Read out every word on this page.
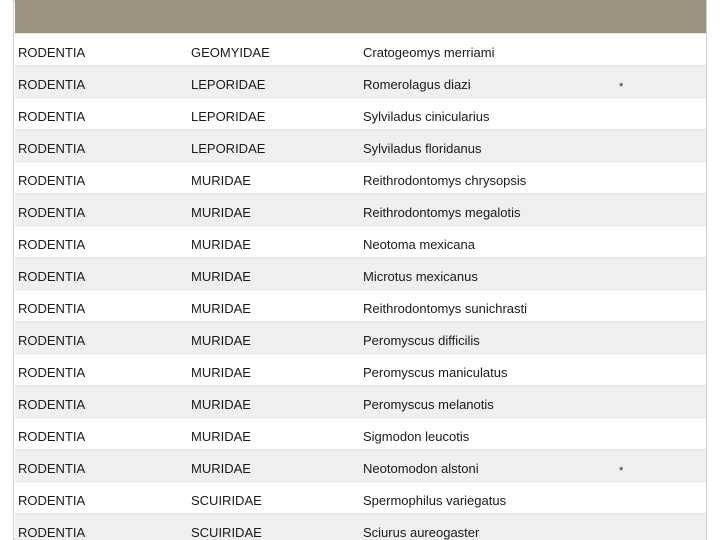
RODENTIA	GEOMYIDAE	Cratogeomys merriami
RODENTIA	LEPORIDAE	Romerolagus diazi	*
RODENTIA	LEPORIDAE	Sylviladus cinicularius
RODENTIA	LEPORIDAE	Sylviladus floridanus
RODENTIA	MURIDAE	Reithrodontomys chrysopsis
RODENTIA	MURIDAE	Reithrodontomys megalotis
RODENTIA	MURIDAE	Neotoma mexicana
RODENTIA	MURIDAE	Microtus mexicanus
RODENTIA	MURIDAE	Reithrodontomys sunichrasti
RODENTIA	MURIDAE	Peromyscus difficilis
RODENTIA	MURIDAE	Peromyscus maniculatus
RODENTIA	MURIDAE	Peromyscus melanotis
RODENTIA	MURIDAE	Sigmodon leucotis
RODENTIA	MURIDAE	Neotomodon alstoni	*
RODENTIA	SCUIRIDAE	Spermophilus variegatus
RODENTIA	SCUIRIDAE	Sciurus aureogaster
